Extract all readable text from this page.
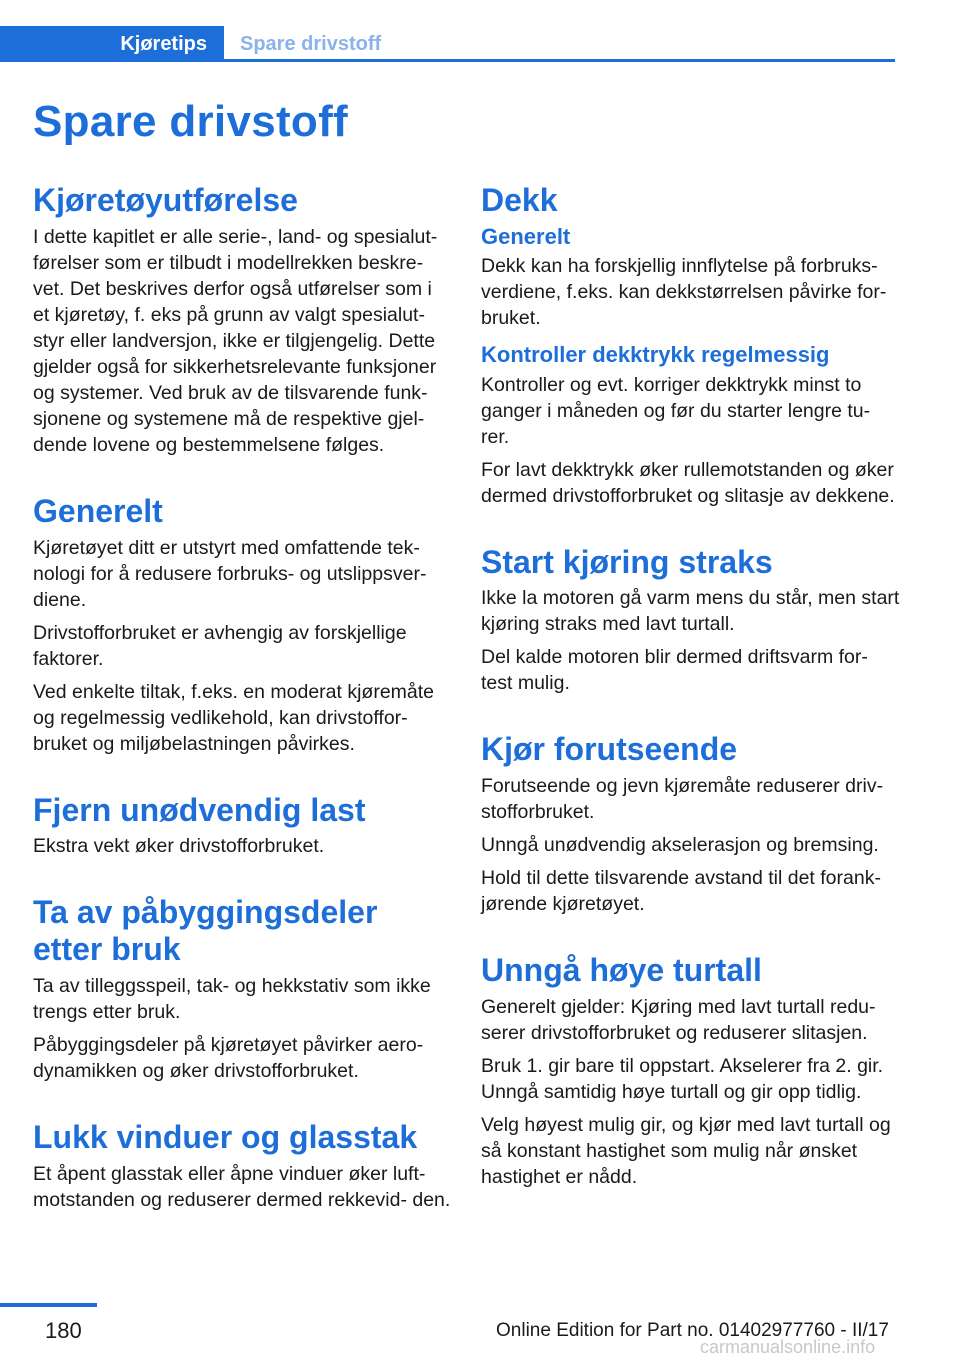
Kjøretips Spare drivstoff
Spare drivstoff
Kjøretøyutførelse

I dette kapitlet er alle serie-, land- og spesialut‐ førelser som er tilbudt i modellrekken beskre‐ vet. Det beskrives derfor også utførelser som i et kjøretøy, f. eks på grunn av valgt spesialut‐ styr eller landversjon, ikke er tilgjengelig. Dette gjelder også for sikkerhetsrelevante funksjoner og systemer. Ved bruk av de tilsvarende funk‐ sjonene og systemene må de respektive gjel‐ dende lovene og bestemmelsene følges.

Generelt

Kjøretøyet ditt er utstyrt med omfattende tek‐ nologi for å redusere forbruks- og utslippsver‐ diene.

Drivstofforbruket er avhengig av forskjellige faktorer.

Ved enkelte tiltak, f.eks. en moderat kjøremåte og regelmessig vedlikehold, kan drivstoffor‐ bruket og miljøbelastningen påvirkes.

Fjern unødvendig last

Ekstra vekt øker drivstofforbruket.

Ta av påbyggingsdeler etter bruk

Ta av tilleggsspeil, tak- og hekkstativ som ikke trengs etter bruk.

Påbyggingsdeler på kjøretøyet påvirker aero‐ dynamikken og øker drivstofforbruket.

Lukk vinduer og glasstak

Et åpent glasstak eller åpne vinduer øker luft‐ motstanden og reduserer dermed rekkevid‐ den.

Dekk
Generelt

Dekk kan ha forskjellig innflytelse på forbruks‐ verdiene, f.eks. kan dekkstørrelsen påvirke for‐ bruket.

Kontroller dekktrykk regelmessig

Kontroller og evt. korriger dekktrykk minst to ganger i måneden og før du starter lengre tu‐ rer.

For lavt dekktrykk øker rullemotstanden og øker dermed drivstofforbruket og slitasje av dekkene.

Start kjøring straks

Ikke la motoren gå varm mens du står, men start kjøring straks med lavt turtall.

Del kalde motoren blir dermed driftsvarm for‐ test mulig.

Kjør forutseende

Forutseende og jevn kjøremåte reduserer driv‐ stofforbruket.

Unngå unødvendig akselerasjon og bremsing.

Hold til dette tilsvarende avstand til det forank‐ jørende kjøretøyet.

Unngå høye turtall

Generelt gjelder: Kjøring med lavt turtall redu‐ serer drivstofforbruket og reduserer slitasjen.

Bruk 1. gir bare til oppstart. Akselerer fra 2. gir. Unngå samtidig høye turtall og gir opp tidlig.

Velg høyest mulig gir, og kjør med lavt turtall og så konstant hastighet som mulig når ønsket hastighet er nådd.

180	Online Edition for Part no. 01402977760 - II/17
carmanualsonline.info
